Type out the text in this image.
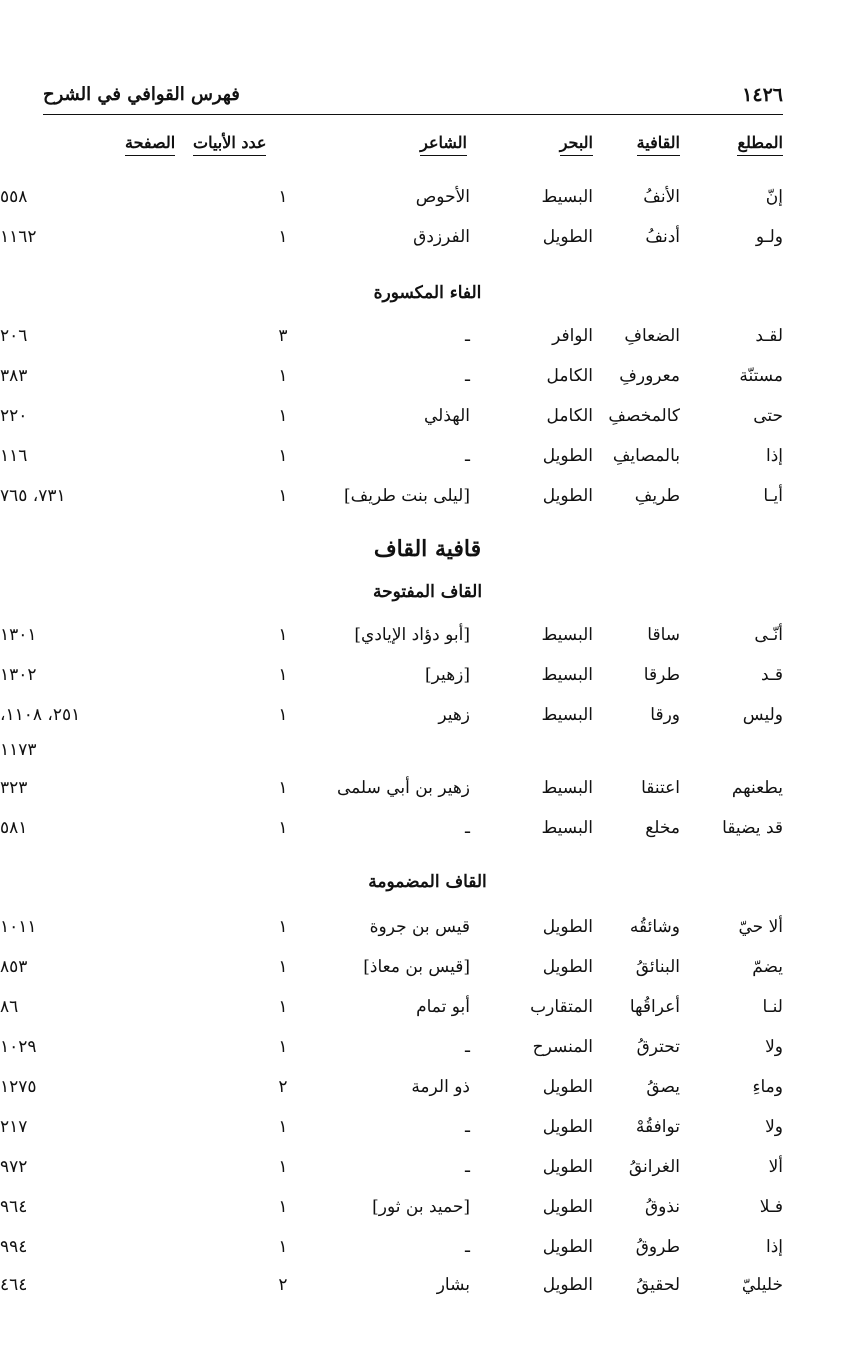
١٤٢٦
فهرس القوافي في الشرح
المطلع
القافية
البحر
الشاعر
عدد الأبيات
الصفحة
إنّ
الأنفُ
البسيط
الأحوص
١
٥٥٨
ولـو
أدنفُ
الطويل
الفرزدق
١
١١٦٢
الفاء المكسورة
لقـد
الضعافِ
الوافر
ـ
٣
٢٠٦
مستنّة
معرورفِ
الكامل
ـ
١
٣٨٣
حتى
كالمخصفِ
الكامل
الهذلي
١
٢٢٠
إذا
بالمصايفِ
الطويل
ـ
١
١١٦
أيـا
طريفِ
الطويل
[ليلى بنت طريف]
١
٧٣١، ٧٦٥
قافية القاف
القاف المفتوحة
أنّـى
ساقا
البسيط
[أبو دؤاد الإيادي]
١
١٣٠١
قـد
طرقا
البسيط
[زهير]
١
١٣٠٢
وليس
ورقا
البسيط
زهير
١
٢٥١، ١١٠٨،
١١٧٣
يطعنهم
اعتنقا
البسيط
زهير بن أبي سلمى
١
٣٢٣
قد يضيقا
مخلع
البسيط
ـ
١
٥٨١
القاف المضمومة
ألا حيّ
وشائقُه
الطويل
قيس بن جروة
١
١٠١١
يضمّ
البنائقُ
الطويل
[قيس بن معاذ]
١
٨٥٣
لنـا
أعراقُها
المتقارب
أبو تمام
١
٨٦
ولا
تحترقُ
المنسرح
ـ
١
١٠٢٩
وماءِ
يصقُ
الطويل
ذو الرمة
٢
١٢٧٥
ولا
توافقُهْ
الطويل
ـ
١
٢١٧
ألا
الغرانقُ
الطويل
ـ
١
٩٧٢
فـلا
نذوقُ
الطويل
[حميد بن ثور]
١
٩٦٤
إذا
طروقُ
الطويل
ـ
١
٩٩٤
خليليّ
لحقيقُ
الطويل
بشار
٢
٤٦٤
